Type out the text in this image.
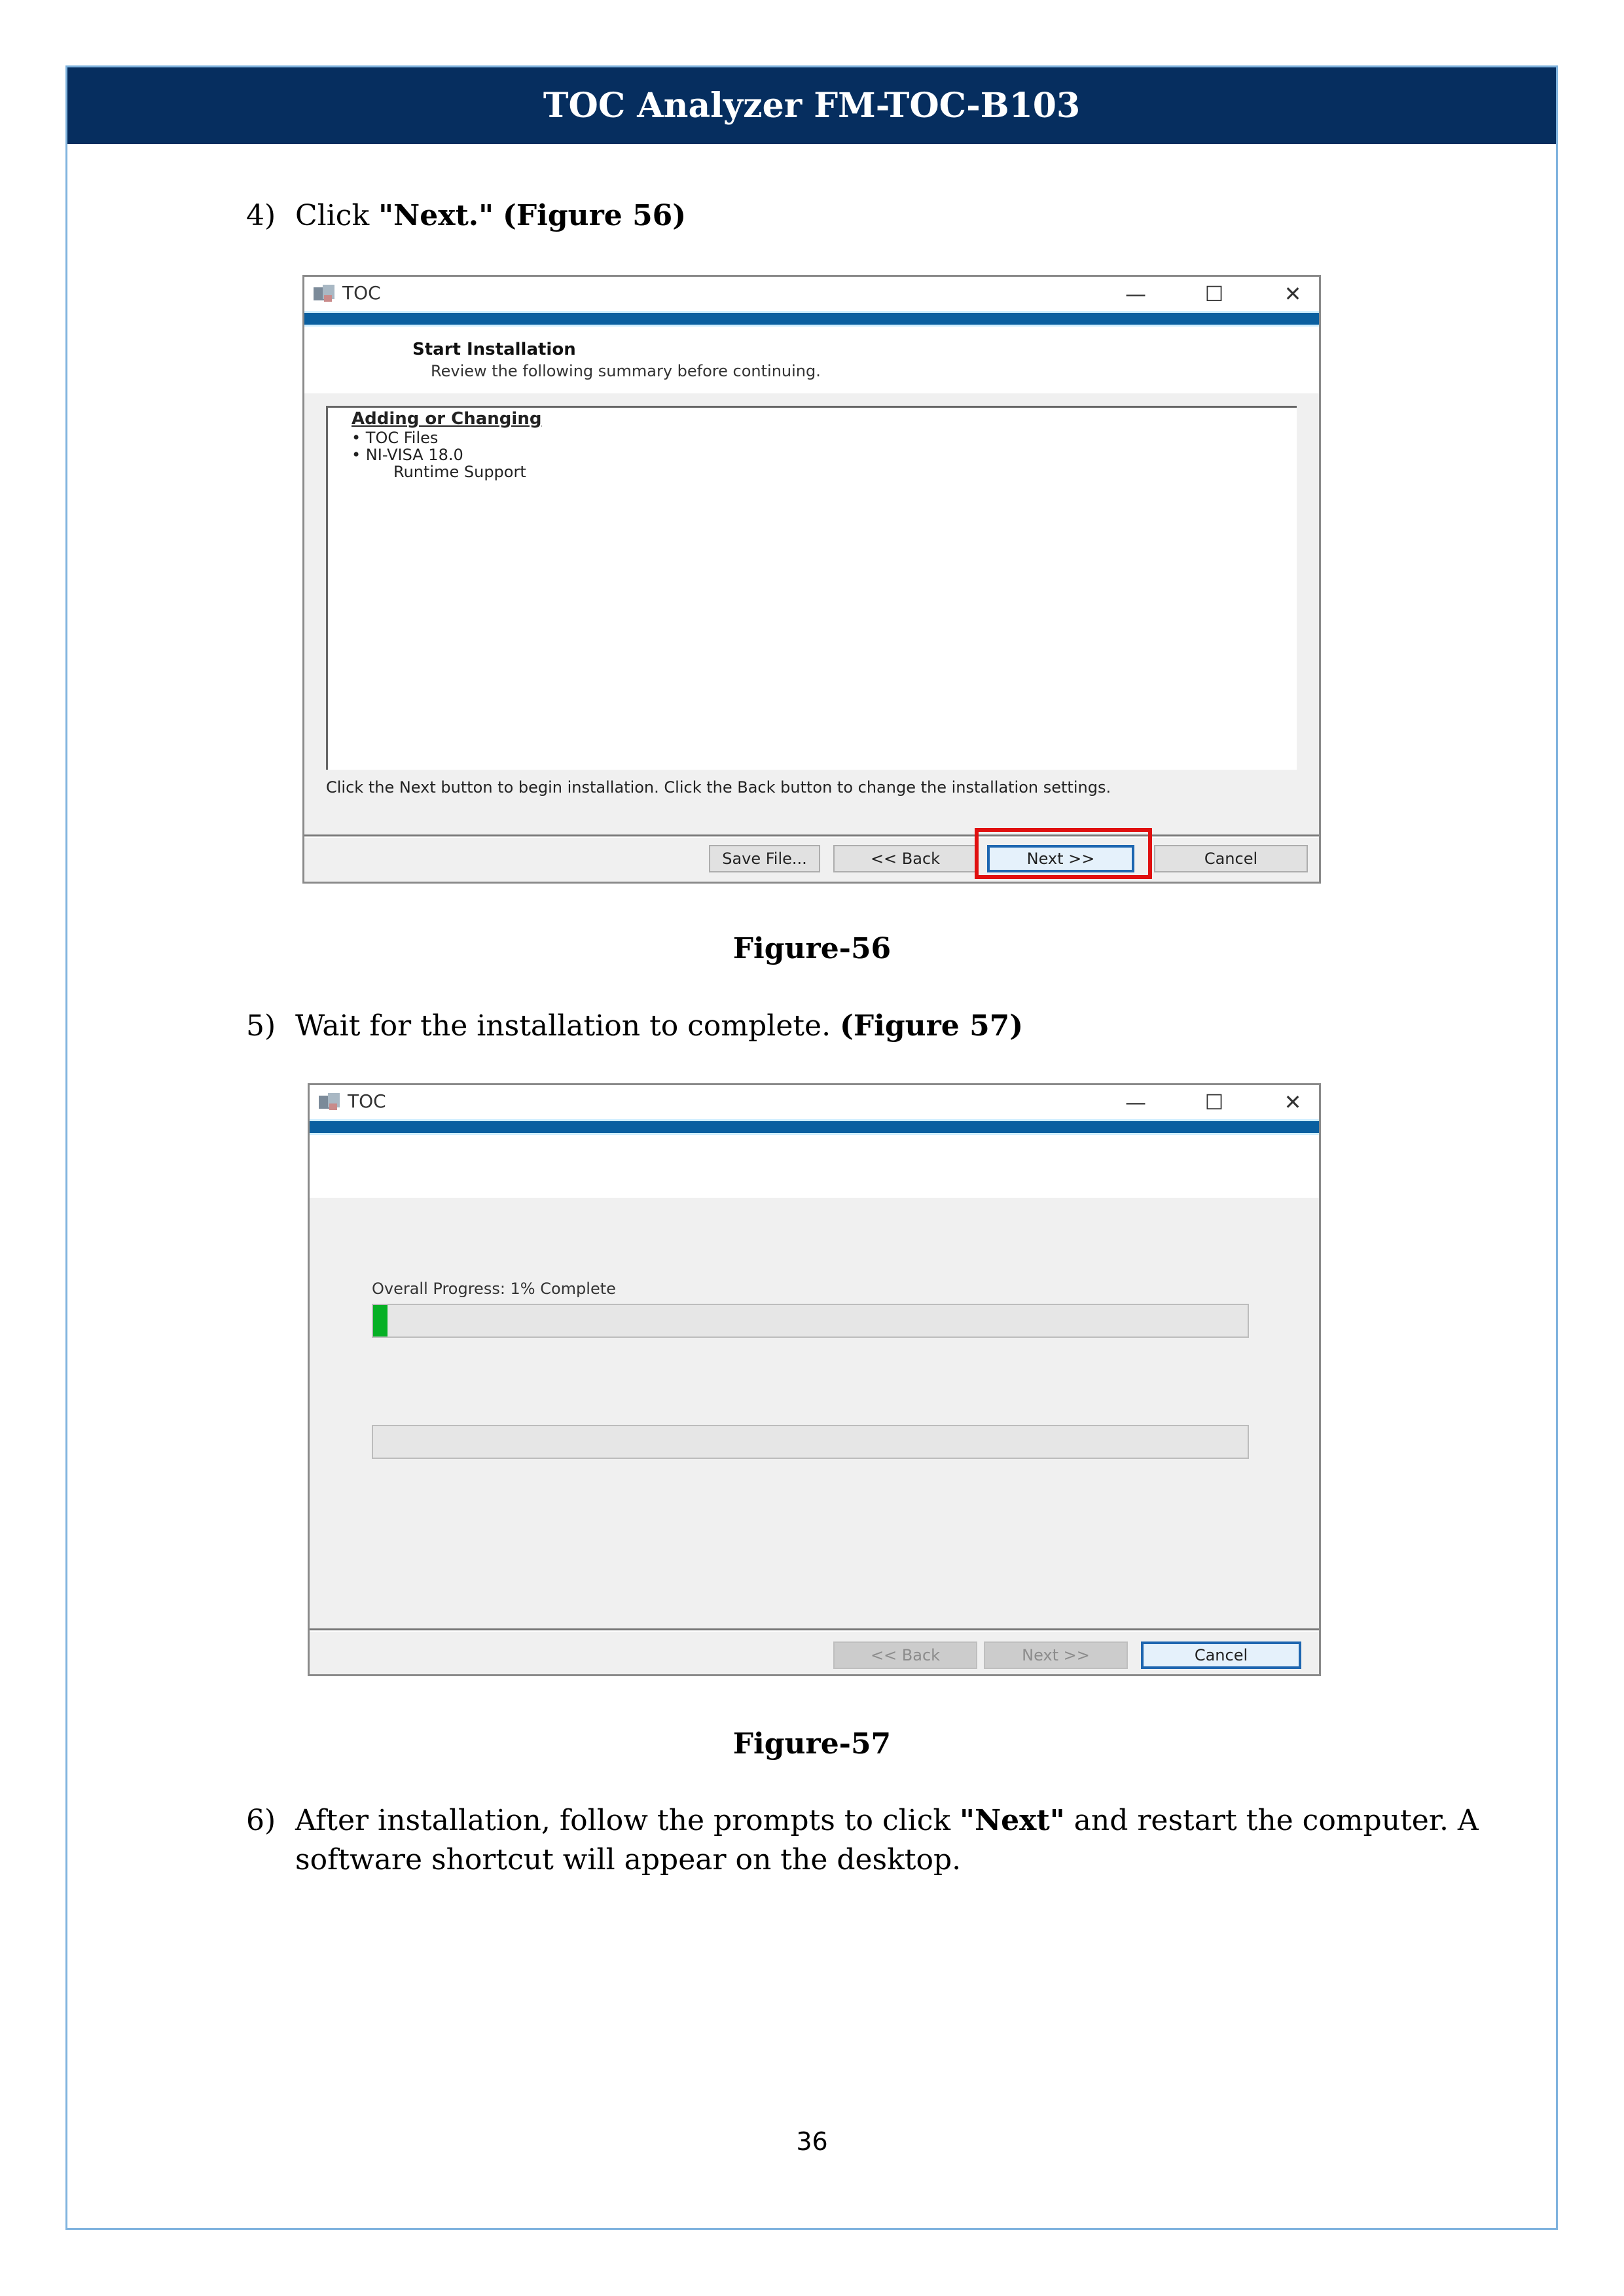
TOC Analyzer FM-TOC-B103
4) Click "Next." (Figure 56)
TOC	—	☐	✕
Start Installation
Review the following summary before continuing.
Adding or Changing
• TOC Files
• NI-VISA 18.0
Runtime Support
Click the Next button to begin installation. Click the Back button to change the installation settings.
Save File...	<< Back	Next >>	Cancel
Figure-56
5) Wait for the installation to complete. (Figure 57)
TOC	—	☐	✕
Overall Progress: 1% Complete
<< Back	Next >>	Cancel
Figure-57
6) After installation, follow the prompts to click "Next" and restart the computer. A
software shortcut will appear on the desktop.
36
